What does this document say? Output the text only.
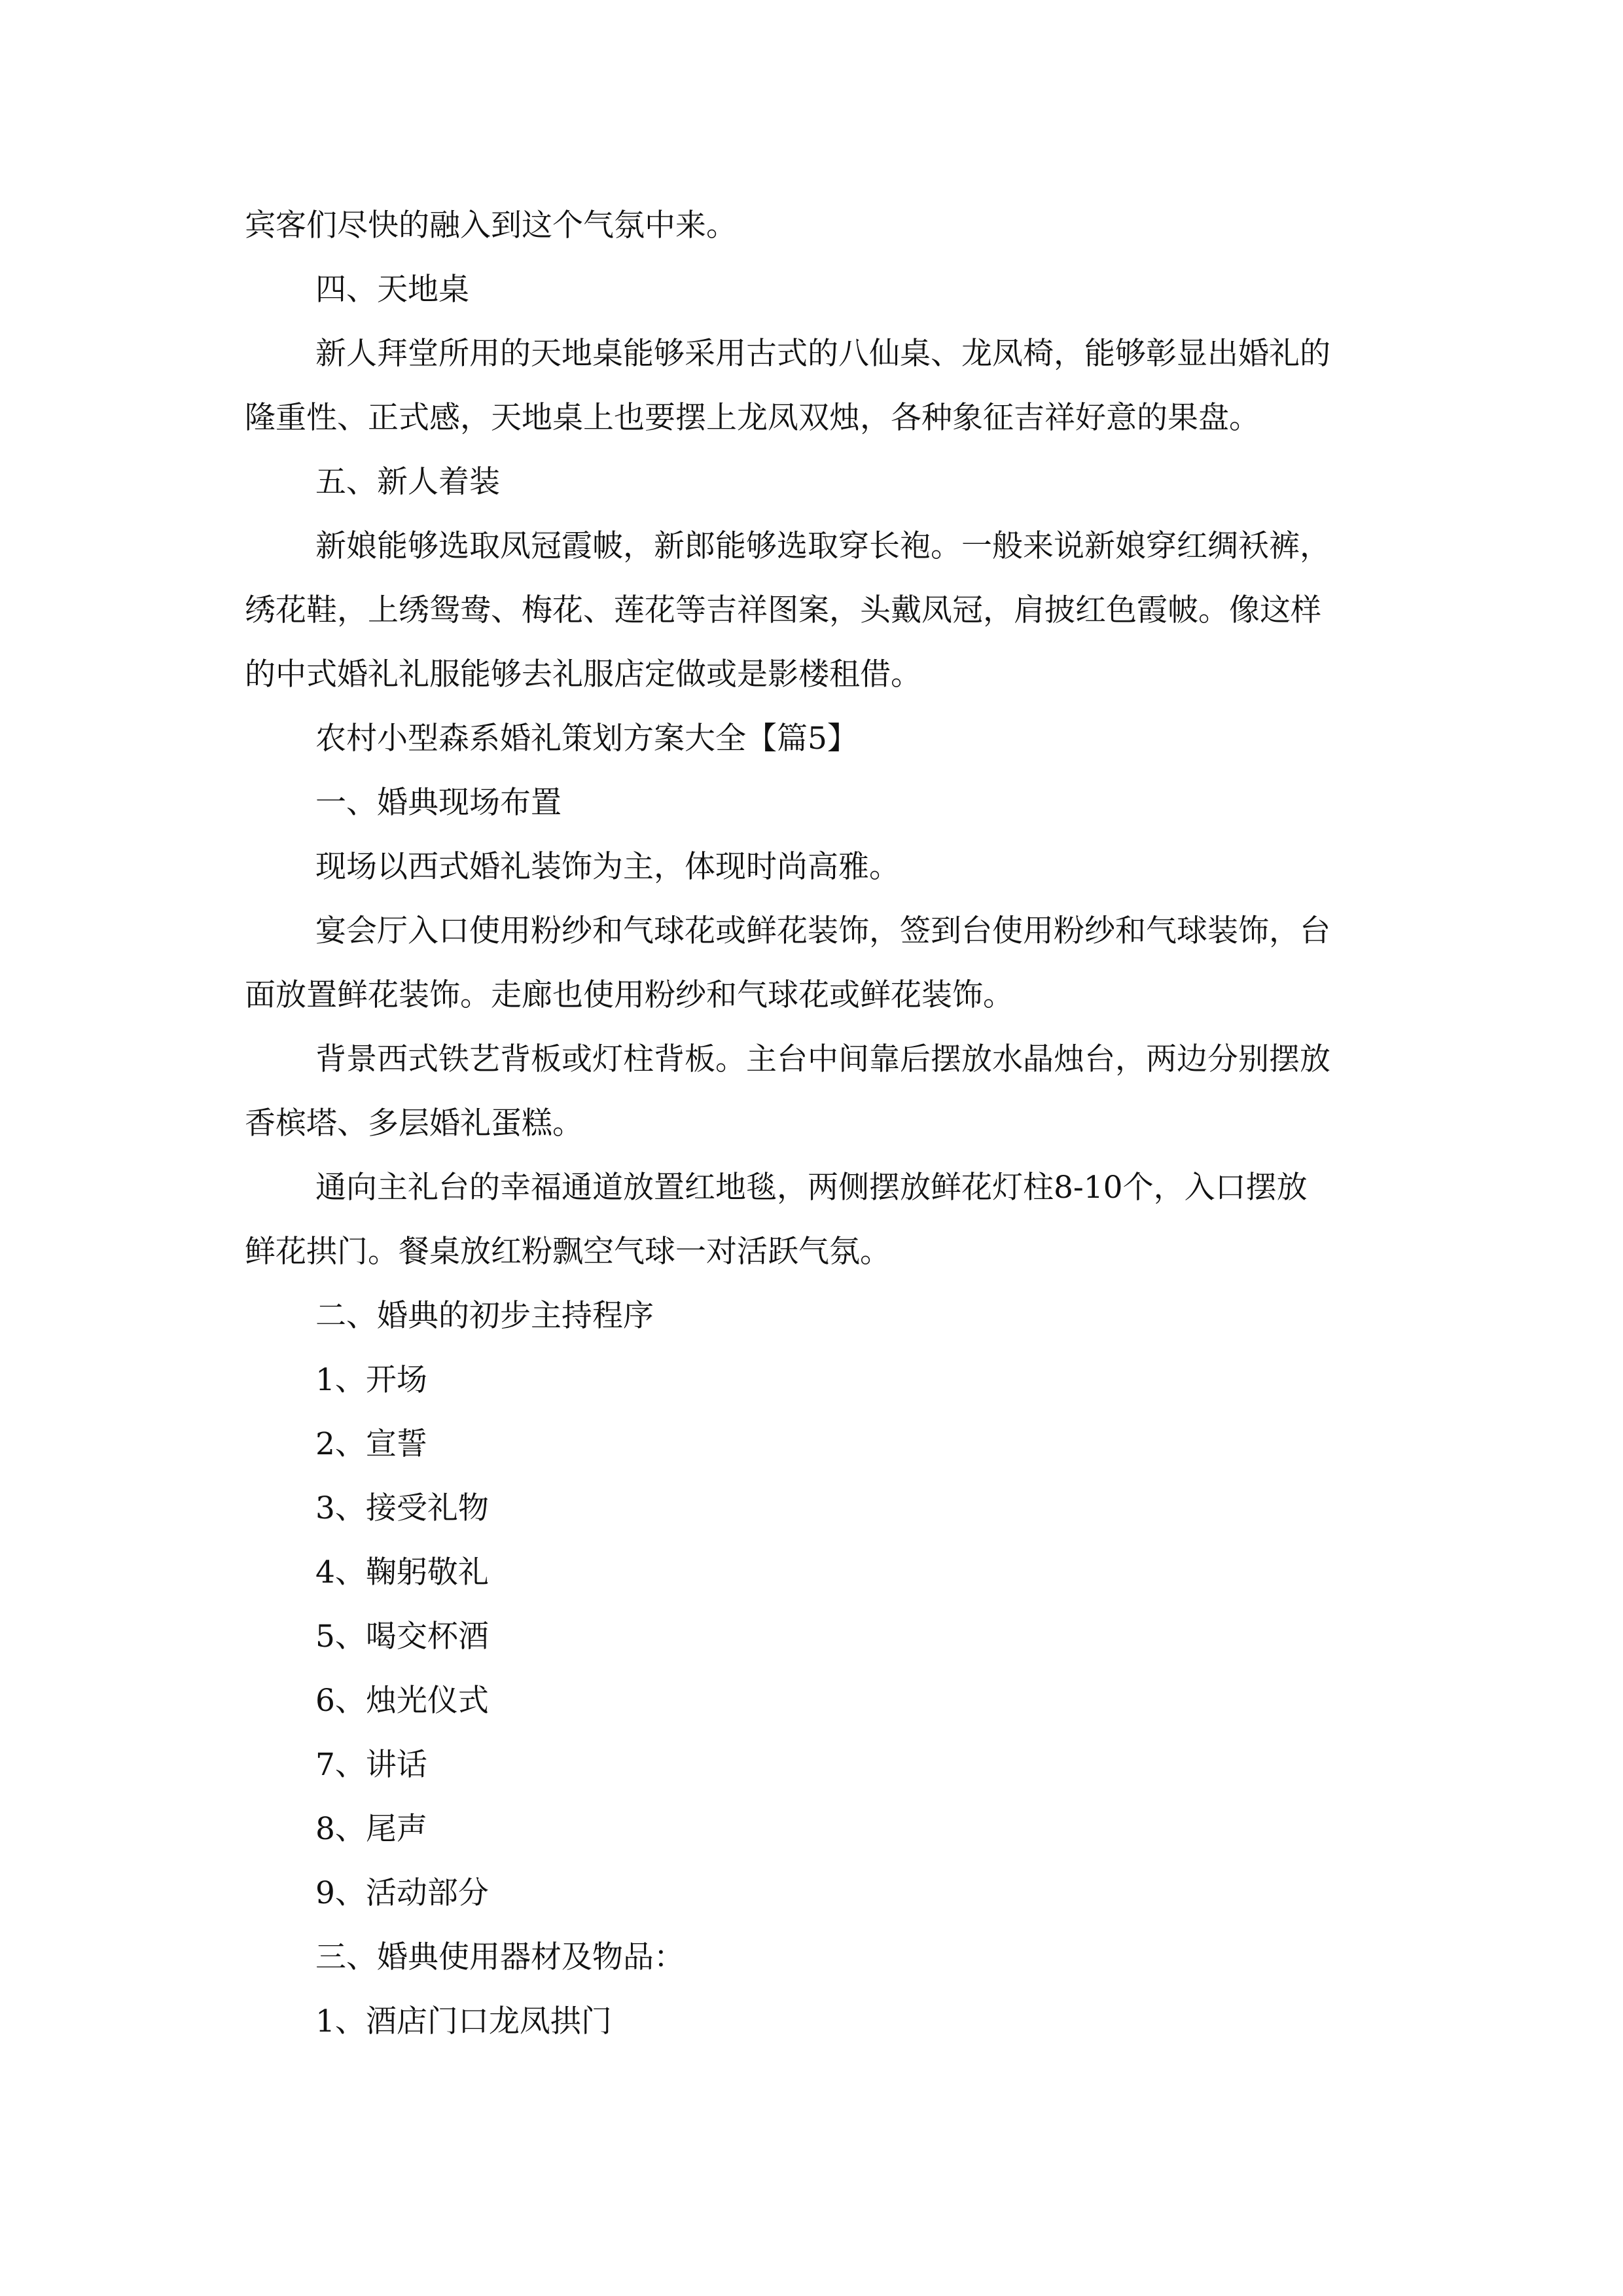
宾客们尽快的融入到这个气氛中来。
四、天地桌
新人拜堂所用的天地桌能够采用古式的八仙桌、龙凤椅，能够彰显出婚礼的
隆重性、正式感，天地桌上也要摆上龙凤双烛，各种象征吉祥好意的果盘。
五、新人着装
新娘能够选取凤冠霞帔，新郎能够选取穿长袍。一般来说新娘穿红绸袄裤，
绣花鞋，上绣鸳鸯、梅花、莲花等吉祥图案，头戴凤冠，肩披红色霞帔。像这样
的中式婚礼礼服能够去礼服店定做或是影楼租借。
农村小型森系婚礼策划方案大全【篇5】
一、婚典现场布置
现场以西式婚礼装饰为主，体现时尚高雅。
宴会厅入口使用粉纱和气球花或鲜花装饰，签到台使用粉纱和气球装饰，台
面放置鲜花装饰。走廊也使用粉纱和气球花或鲜花装饰。
背景西式铁艺背板或灯柱背板。主台中间靠后摆放水晶烛台，两边分别摆放
香槟塔、多层婚礼蛋糕。
通向主礼台的幸福通道放置红地毯，两侧摆放鲜花灯柱8-10个，入口摆放
鲜花拱门。餐桌放红粉飘空气球一对活跃气氛。
二、婚典的初步主持程序
1、开场
2、宣誓
3、接受礼物
4、鞠躬敬礼
5、喝交杯酒
6、烛光仪式
7、讲话
8、尾声
9、活动部分
三、婚典使用器材及物品：
1、酒店门口龙凤拱门
